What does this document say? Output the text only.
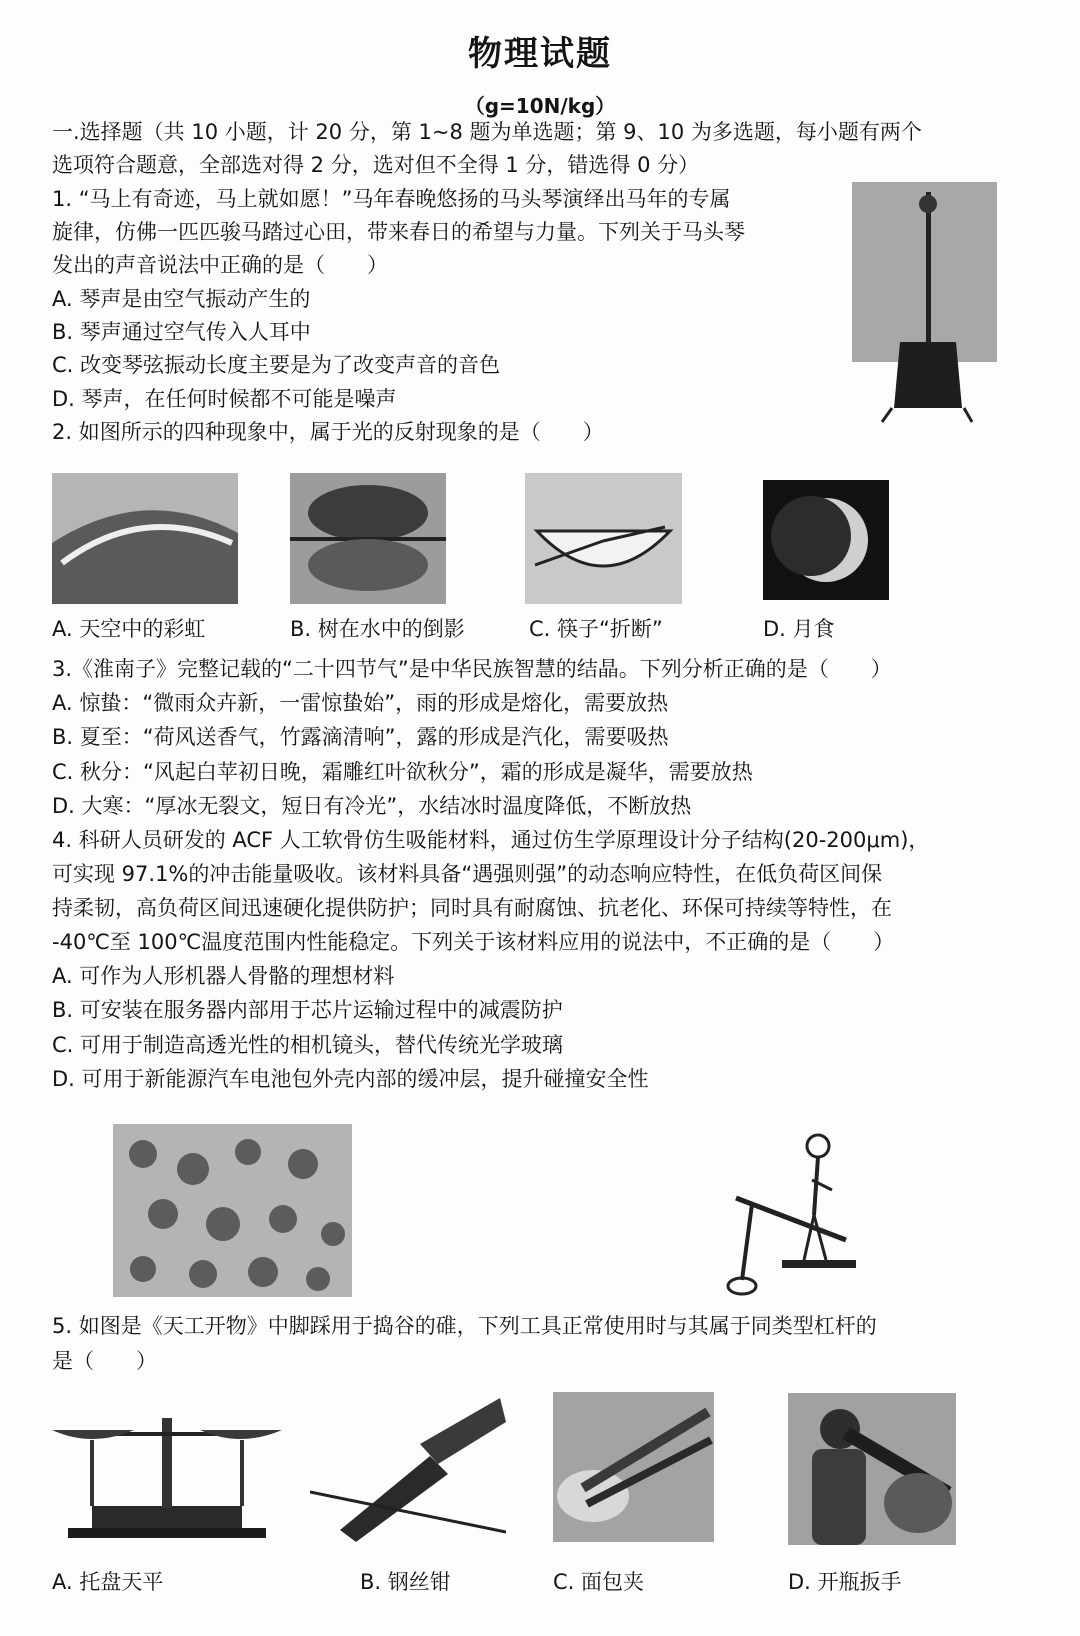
物理试题
（g=10N/kg）
一.选择题（共 10 小题，计 20 分，第 1~8 题为单选题；第 9、10 为多选题，每小题有两个
选项符合题意，全部选对得 2 分，选对但不全得 1 分，错选得 0 分）
1. “马上有奇迹，马上就如愿！”马年春晚悠扬的马头琴演绎出马年的专属
旋律，仿佛一匹匹骏马踏过心田，带来春日的希望与力量。下列关于马头琴
发出的声音说法中正确的是（　　）
A. 琴声是由空气振动产生的
B. 琴声通过空气传入人耳中
C. 改变琴弦振动长度主要是为了改变声音的音色
D. 琴声，在任何时候都不可能是噪声
2. 如图所示的四种现象中，属于光的反射现象的是（　　）
A. 天空中的彩虹	B. 树在水中的倒影	C. 筷子“折断”	D. 月食
3.《淮南子》完整记载的“二十四节气”是中华民族智慧的结晶。下列分析正确的是（　　）
A. 惊蛰：“微雨众卉新，一雷惊蛰始”，雨的形成是熔化，需要放热
B. 夏至：“荷风送香气，竹露滴清响”，露的形成是汽化，需要吸热
C. 秋分：“风起白苹初日晚，霜雕红叶欲秋分”，霜的形成是凝华，需要放热
D. 大寒：“厚冰无裂文，短日有冷光”，水结冰时温度降低，不断放热
4. 科研人员研发的 ACF 人工软骨仿生吸能材料，通过仿生学原理设计分子结构(20-200μm)，
可实现 97.1%的冲击能量吸收。该材料具备“遇强则强”的动态响应特性，在低负荷区间保
持柔韧，高负荷区间迅速硬化提供防护；同时具有耐腐蚀、抗老化、环保可持续等特性，在
-40℃至 100℃温度范围内性能稳定。下列关于该材料应用的说法中，不正确的是（　　）
A. 可作为人形机器人骨骼的理想材料
B. 可安装在服务器内部用于芯片运输过程中的减震防护
C. 可用于制造高透光性的相机镜头，替代传统光学玻璃
D. 可用于新能源汽车电池包外壳内部的缓冲层，提升碰撞安全性
5. 如图是《天工开物》中脚踩用于捣谷的碓，下列工具正常使用时与其属于同类型杠杆的
是（　　）
A. 托盘天平	B. 钢丝钳	C. 面包夹	D. 开瓶扳手
